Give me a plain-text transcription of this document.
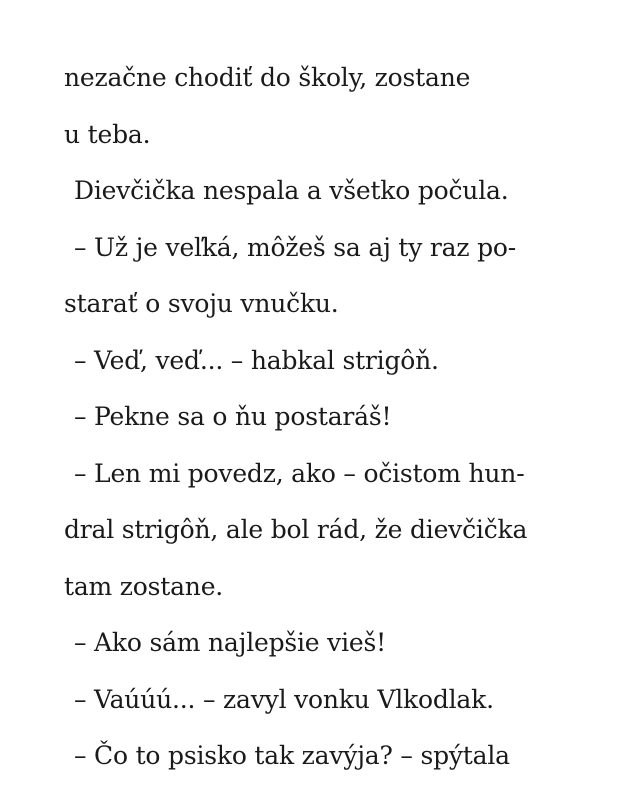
nezačne chodiť do školy, zostane
u teba.
Dievčička nespala a všetko počula.
– Už je veľká, môžeš sa aj ty raz po-
starať o svoju vnučku.
– Veď, veď... – habkal strigôň.
– Pekne sa o ňu postaráš!
– Len mi povedz, ako – očistom hun-
dral strigôň, ale bol rád, že dievčička
tam zostane.
– Ako sám najlepšie vieš!
– Vaúúú... – zavyl vonku Vlkodlak.
– Čo to psisko tak zavýja? – spýtala
